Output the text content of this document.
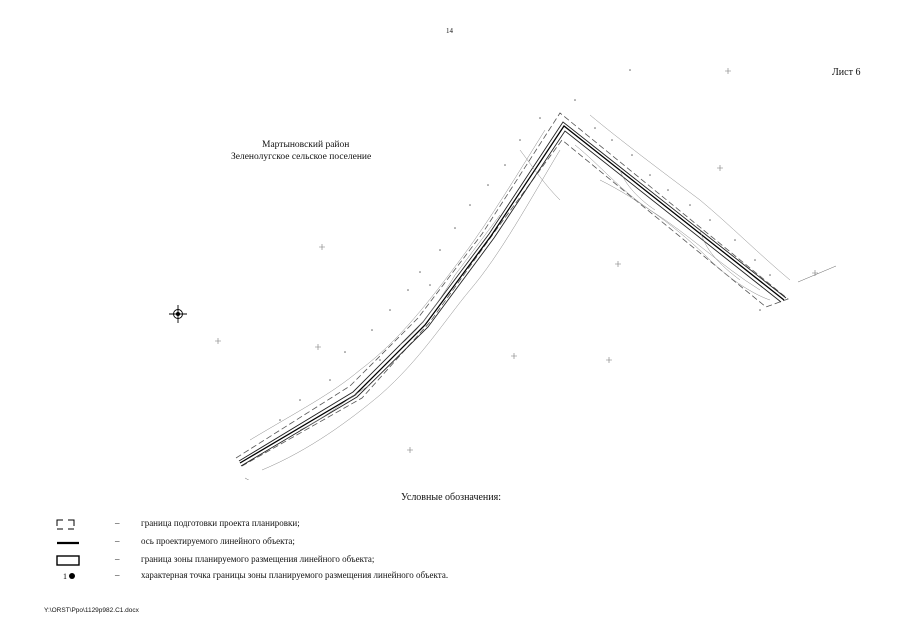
14
Лист 6
Мартыновский район
Зеленолугское сельское поселение
Условные обозначения:
– граница подготовки проекта планировки;
– ось проектируемого линейного объекта;
– граница зоны планируемого размещения линейного объекта;
1	– характерная точка границы зоны планируемого размещения линейного объекта.
Y:\ORST\Ppo\1129p982.C1.docx
